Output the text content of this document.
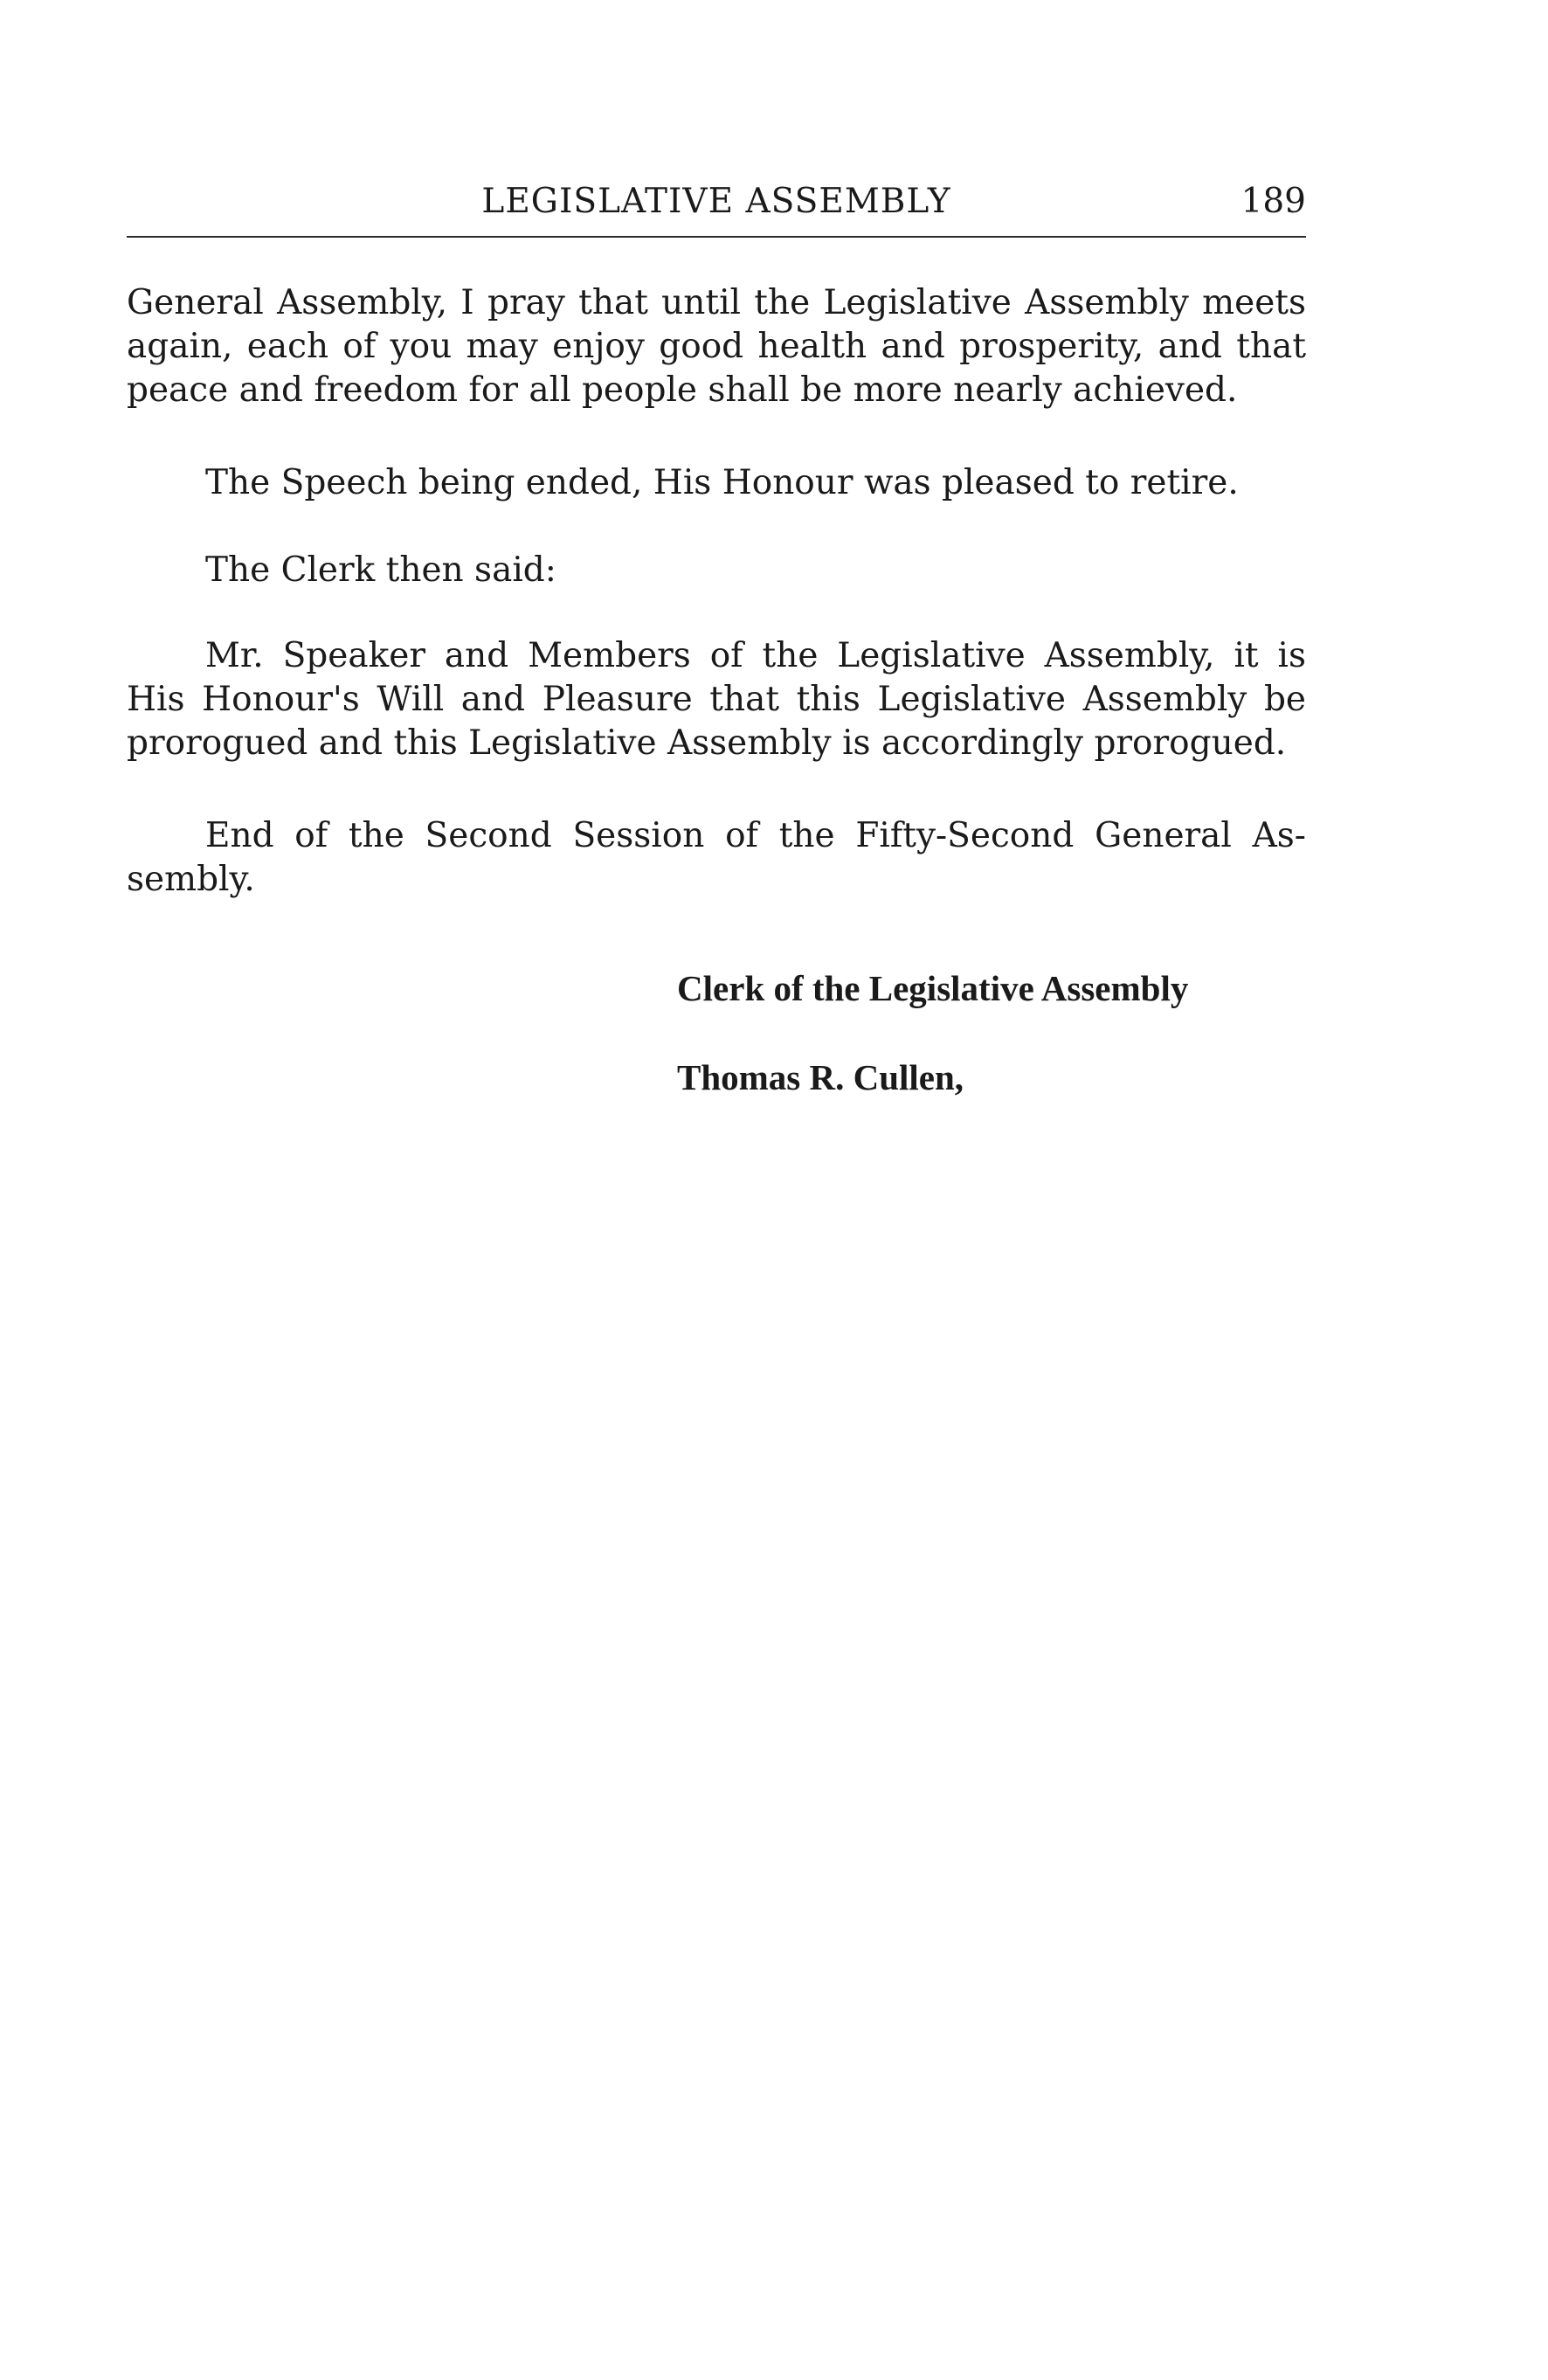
LEGISLATIVE ASSEMBLY	189
General Assembly, I pray that until the Legislative Assembly meets
again, each of you may enjoy good health and prosperity, and that
peace and freedom for all people shall be more nearly achieved.
The Speech being ended, His Honour was pleased to retire.
The Clerk then said:
Mr. Speaker and Members of the Legislative Assembly, it is
His Honour's Will and Pleasure that this Legislative Assembly be
prorogued and this Legislative Assembly is accordingly prorogued.
End of the Second Session of the Fifty-Second General As-
sembly.
Clerk of the Legislative Assembly
Thomas R. Cullen,
